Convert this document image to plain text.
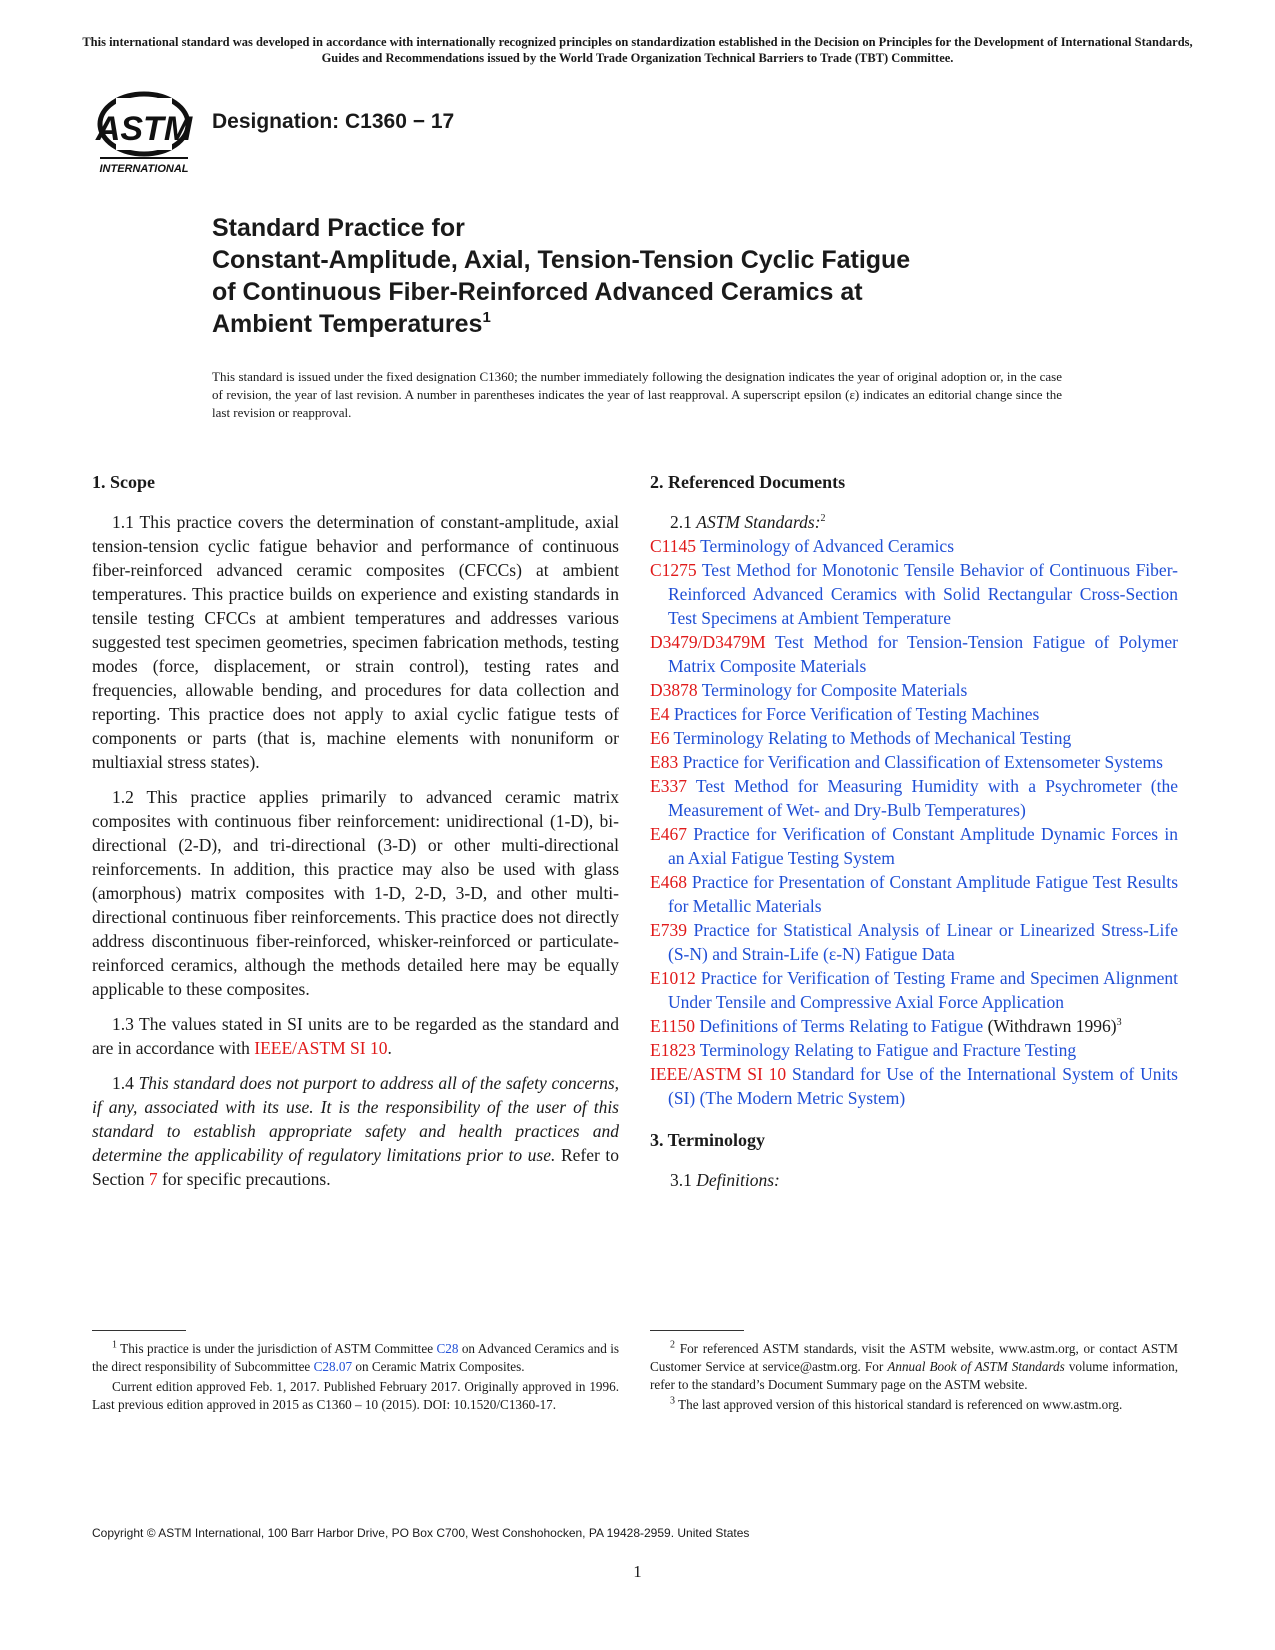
This international standard was developed in accordance with internationally recognized principles on standardization established in the Decision on Principles for the Development of International Standards, Guides and Recommendations issued by the World Trade Organization Technical Barriers to Trade (TBT) Committee.
ASTM
INTERNATIONAL
Designation: C1360 − 17
Standard Practice for
Constant-Amplitude, Axial, Tension-Tension Cyclic Fatigue
of Continuous Fiber-Reinforced Advanced Ceramics at
Ambient Temperatures$^1$
This standard is issued under the fixed designation C1360; the number immediately following the designation indicates the year of original adoption or, in the case of revision, the year of last revision. A number in parentheses indicates the year of last reapproval. A superscript epsilon (ε) indicates an editorial change since the last revision or reapproval.
1. Scope

1.1 This practice covers the determination of constant-amplitude, axial tension-tension cyclic fatigue behavior and performance of continuous fiber-reinforced advanced ceramic composites (CFCCs) at ambient temperatures. This practice builds on experience and existing standards in tensile testing CFCCs at ambient temperatures and addresses various suggested test specimen geometries, specimen fabrication methods, testing modes (force, displacement, or strain control), testing rates and frequencies, allowable bending, and procedures for data collection and reporting. This practice does not apply to axial cyclic fatigue tests of components or parts (that is, machine elements with nonuniform or multiaxial stress states).

1.2 This practice applies primarily to advanced ceramic matrix composites with continuous fiber reinforcement: unidirectional (1-D), bi-directional (2-D), and tri-directional (3-D) or other multi-directional reinforcements. In addition, this practice may also be used with glass (amorphous) matrix composites with 1-D, 2-D, 3-D, and other multi-directional continuous fiber reinforcements. This practice does not directly address discontinuous fiber-reinforced, whisker-reinforced or particulate-reinforced ceramics, although the methods detailed here may be equally applicable to these composites.

1.3 The values stated in SI units are to be regarded as the standard and are in accordance with IEEE/ASTM SI 10.

1.4 This standard does not purport to address all of the safety concerns, if any, associated with its use. It is the responsibility of the user of this standard to establish appropriate safety and health practices and determine the applicability of regulatory limitations prior to use. Refer to Section 7 for specific precautions.

2. Referenced Documents
2.1 ASTM Standards:$^2$
C1145 Terminology of Advanced Ceramics
C1275 Test Method for Monotonic Tensile Behavior of Continuous Fiber-Reinforced Advanced Ceramics with Solid Rectangular Cross-Section Test Specimens at Ambient Temperature
D3479/D3479M Test Method for Tension-Tension Fatigue of Polymer Matrix Composite Materials
D3878 Terminology for Composite Materials
E4 Practices for Force Verification of Testing Machines
E6 Terminology Relating to Methods of Mechanical Testing
E83 Practice for Verification and Classification of Extensometer Systems
E337 Test Method for Measuring Humidity with a Psychrometer (the Measurement of Wet- and Dry-Bulb Temperatures)
E467 Practice for Verification of Constant Amplitude Dynamic Forces in an Axial Fatigue Testing System
E468 Practice for Presentation of Constant Amplitude Fatigue Test Results for Metallic Materials
E739 Practice for Statistical Analysis of Linear or Linearized Stress-Life (S-N) and Strain-Life (ε-N) Fatigue Data
E1012 Practice for Verification of Testing Frame and Specimen Alignment Under Tensile and Compressive Axial Force Application
E1150 Definitions of Terms Relating to Fatigue (Withdrawn 1996)$^3$
E1823 Terminology Relating to Fatigue and Fracture Testing
IEEE/ASTM SI 10 Standard for Use of the International System of Units (SI) (The Modern Metric System)
3. Terminology
3.1 Definitions:

$^1$ This practice is under the jurisdiction of ASTM Committee C28 on Advanced Ceramics and is the direct responsibility of Subcommittee C28.07 on Ceramic Matrix Composites.

Current edition approved Feb. 1, 2017. Published February 2017. Originally approved in 1996. Last previous edition approved in 2015 as C1360 – 10 (2015). DOI: 10.1520/C1360-17.

$^2$ For referenced ASTM standards, visit the ASTM website, www.astm.org, or contact ASTM Customer Service at service@astm.org. For Annual Book of ASTM Standards volume information, refer to the standard’s Document Summary page on the ASTM website.

$^3$ The last approved version of this historical standard is referenced on www.astm.org.

Copyright © ASTM International, 100 Barr Harbor Drive, PO Box C700, West Conshohocken, PA 19428-2959. United States
1
